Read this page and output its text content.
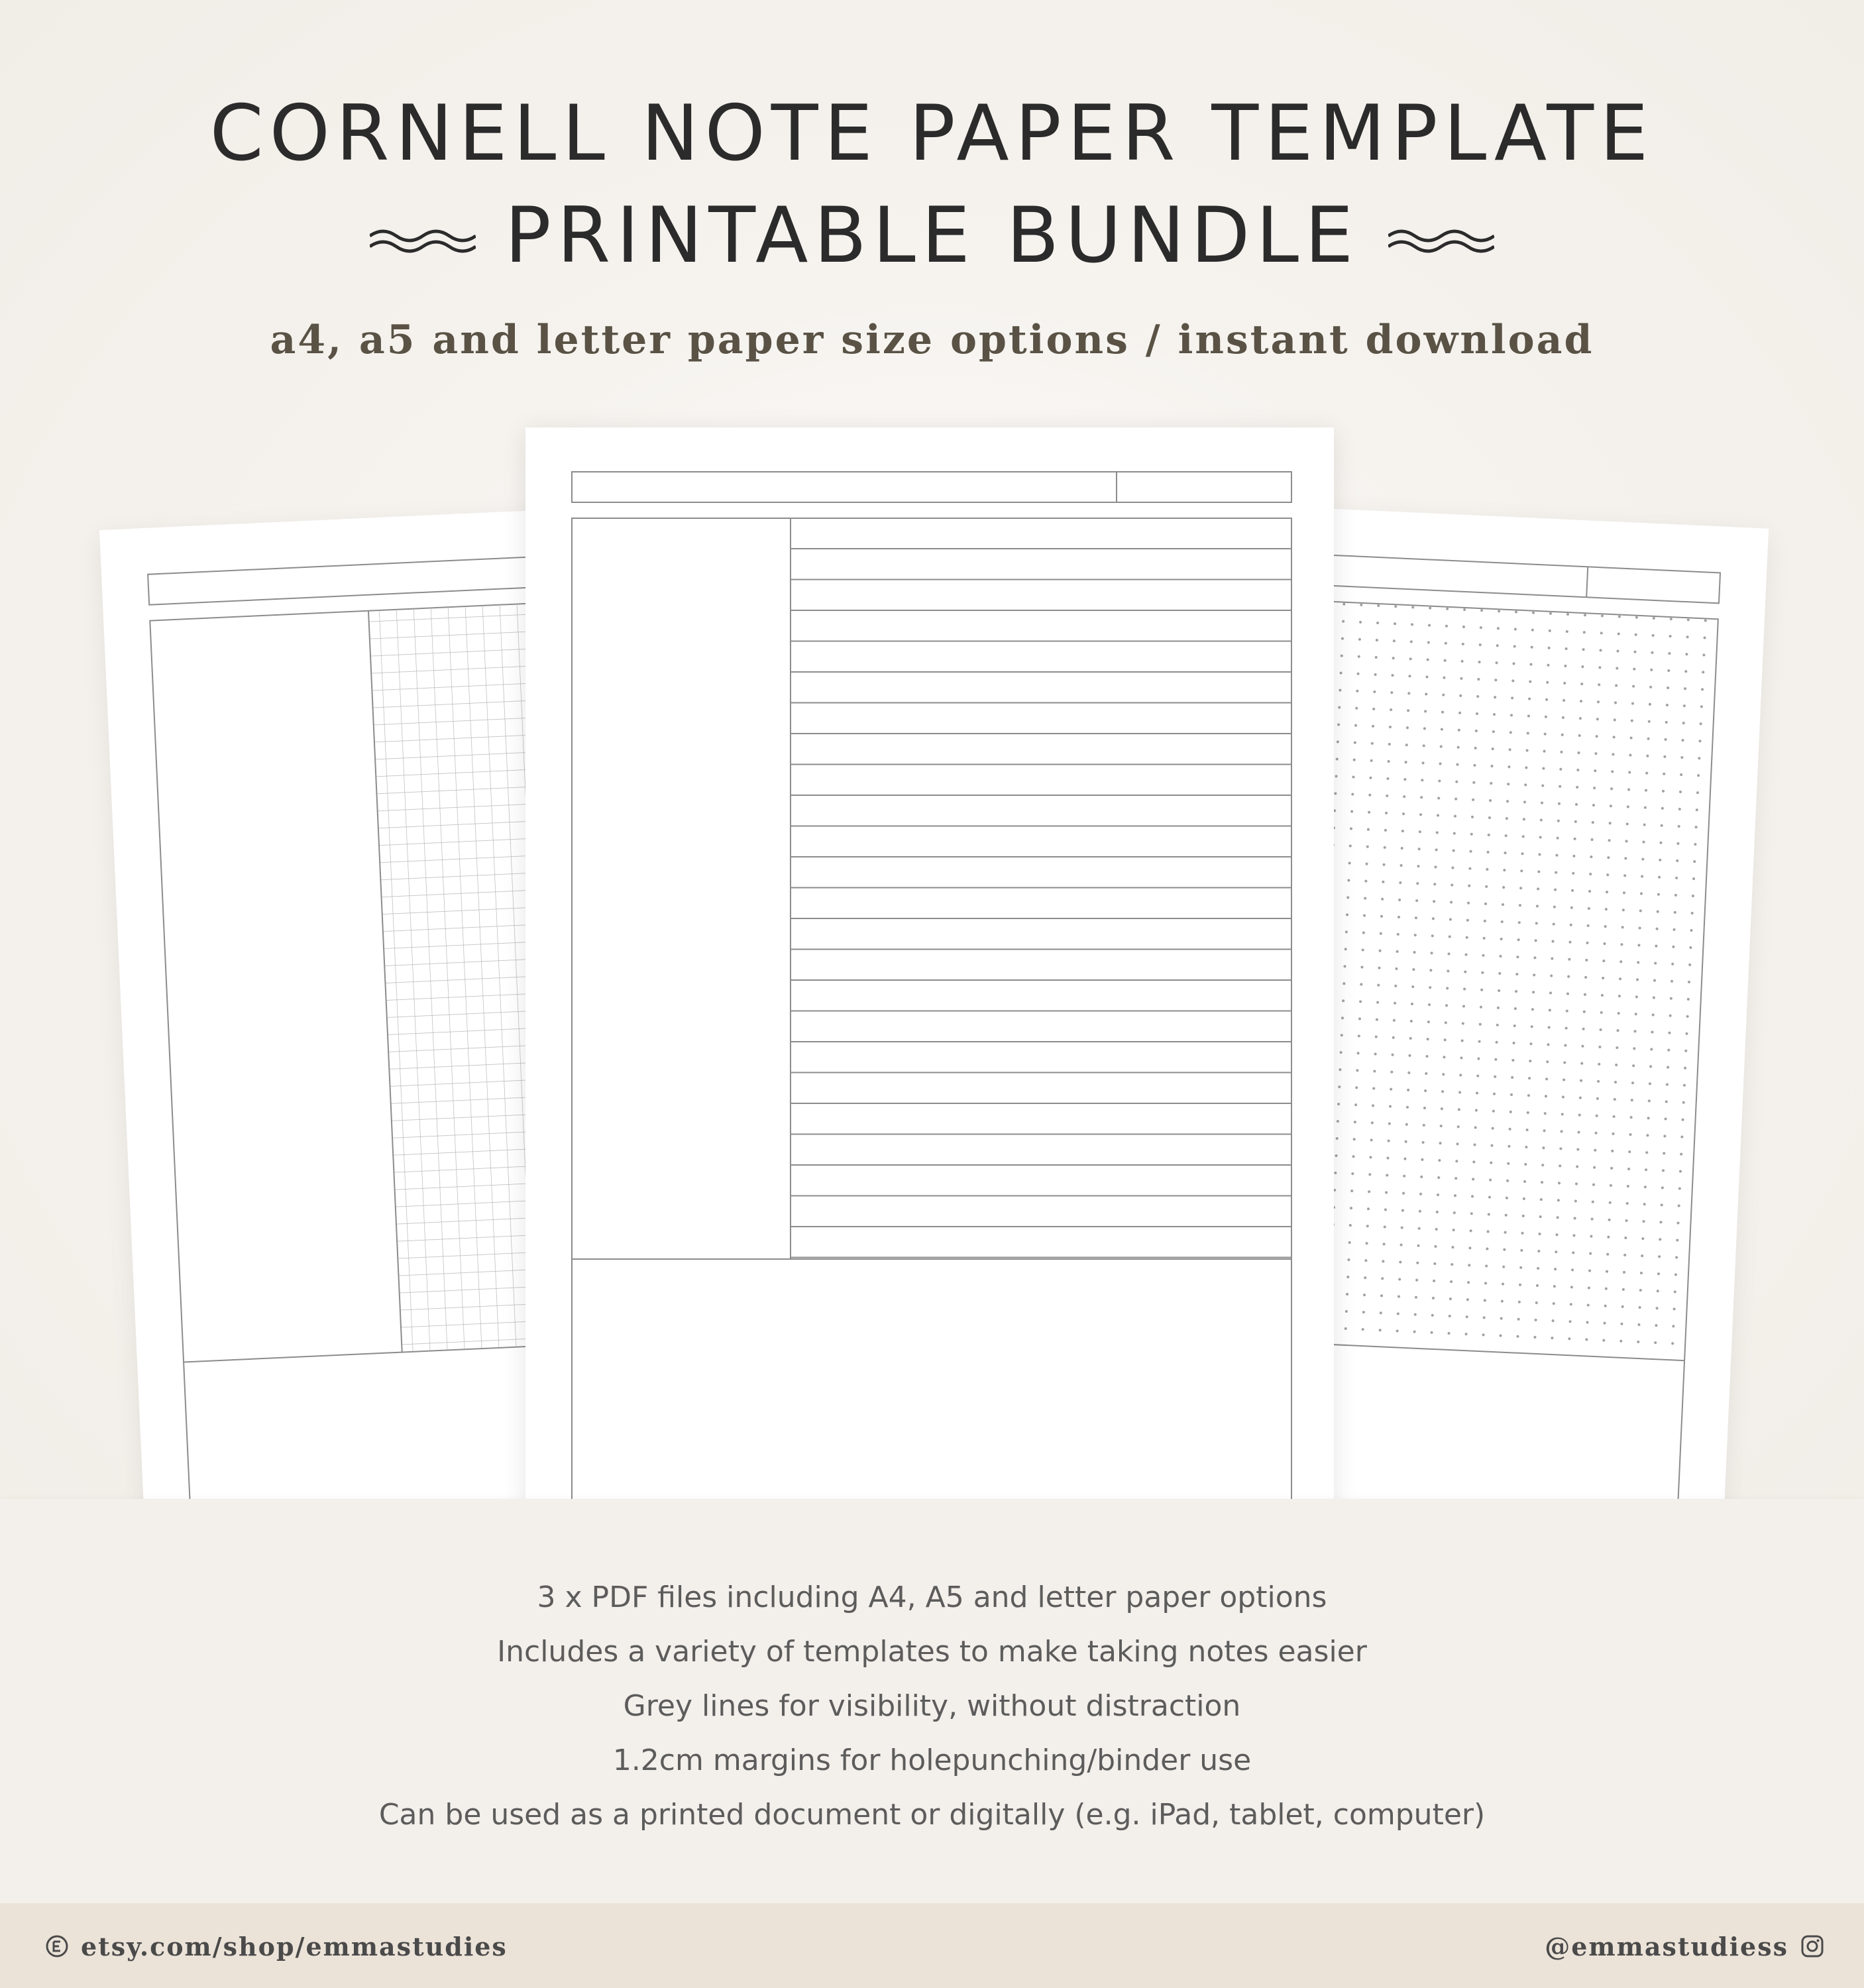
CORNELL NOTE PAPER TEMPLATE
PRINTABLE BUNDLE
a4, a5 and letter paper size options / instant download
3 x PDF files including A4, A5 and letter paper options
Includes a variety of templates to make taking notes easier
Grey lines for visibility, without distraction
1.2cm margins for holepunching/binder use
Can be used as a printed document or digitally (e.g. iPad, tablet, computer)
etsy.com/shop/emmastudies	@emmastudiess
